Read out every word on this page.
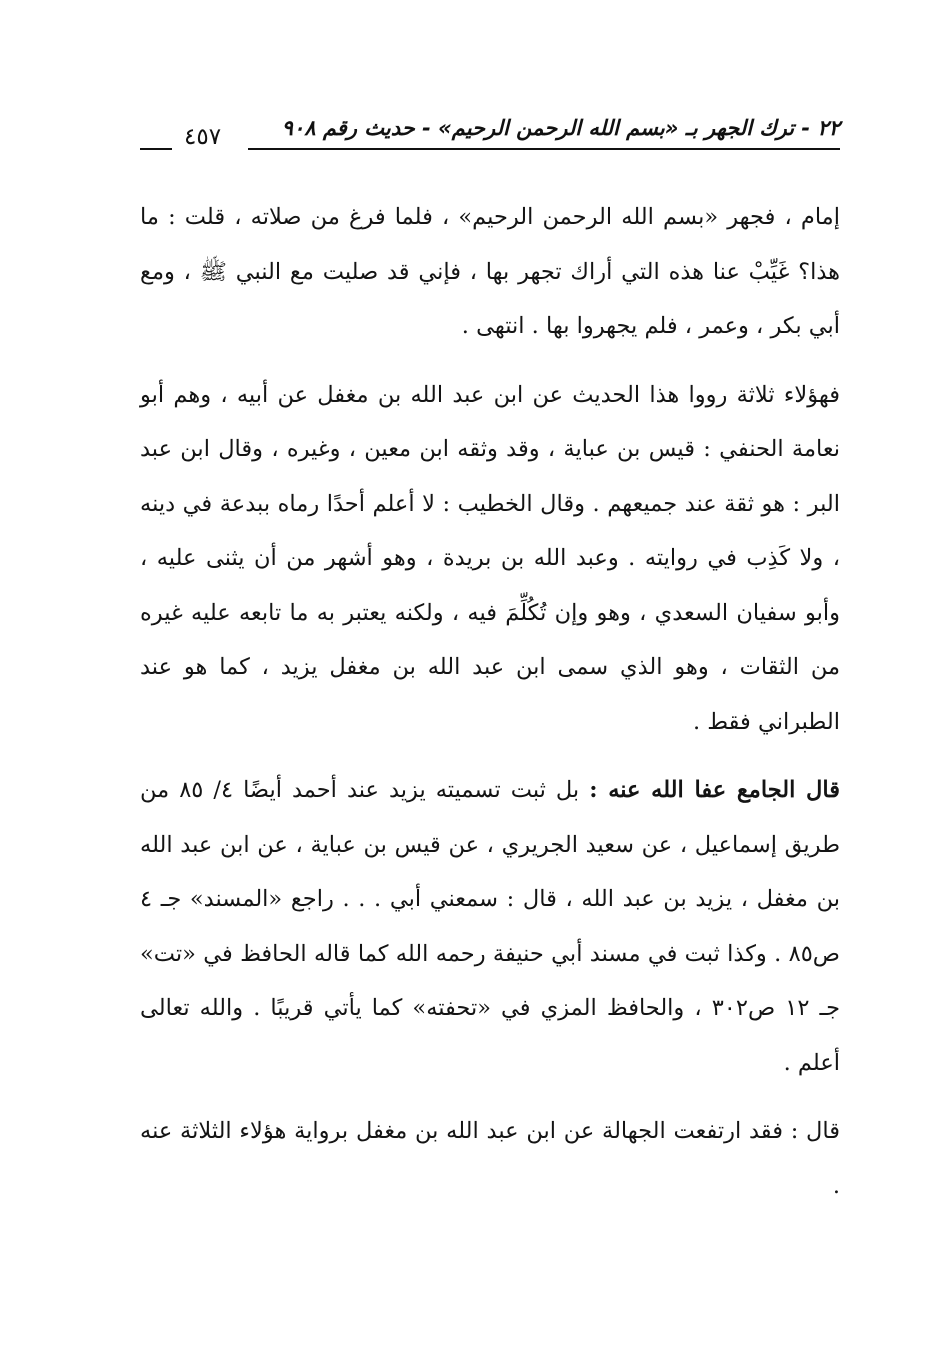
٢٢ - ترك الجهر بـ «بسم الله الرحمن الرحيم» - حديث رقم ٩٠٨
٤٥٧

إمام ، فجهر «بسم الله الرحمن الرحيم» ، فلما فرغ من صلاته ، قلت : ما هذا؟ غَيِّبْ عنا هذه التي أراك تجهر بها ، فإني قد صليت مع النبي ﷺ ، ومع أبي بكر ، وعمر ، فلم يجهروا بها . انتهى .

فهؤلاء ثلاثة رووا هذا الحديث عن ابن عبد الله بن مغفل عن أبيه ، وهم أبو نعامة الحنفي : قيس بن عباية ، وقد وثقه ابن معين ، وغيره ، وقال ابن عبد البر : هو ثقة عند جميعهم . وقال الخطيب : لا أعلم أحدًا رماه ببدعة في دينه ، ولا كَذِب في روايته . وعبد الله بن بريدة ، وهو أشهر من أن يثنى عليه ، وأبو سفيان السعدي ، وهو وإن تُكُلِّمَ فيه ، ولكنه يعتبر به ما تابعه عليه غيره من الثقات ، وهو الذي سمى ابن عبد الله بن مغفل يزيد ، كما هو عند الطبراني فقط .

قال الجامع عفا الله عنه : بل ثبت تسميته يزيد عند أحمد أيضًا ٤/ ٨٥ من طريق إسماعيل ، عن سعيد الجريري ، عن قيس بن عباية ، عن ابن عبد الله بن مغفل ، يزيد بن عبد الله ، قال : سمعني أبي . . . راجع «المسند» جـ ٤ ص٨٥ . وكذا ثبت في مسند أبي حنيفة رحمه الله كما قاله الحافظ في «تت» جـ ١٢ ص٣٠٢ ، والحافظ المزي في «تحفته» كما يأتي قريبًا . والله تعالى أعلم .

قال : فقد ارتفعت الجهالة عن ابن عبد الله بن مغفل برواية هؤلاء الثلاثة عنه .
